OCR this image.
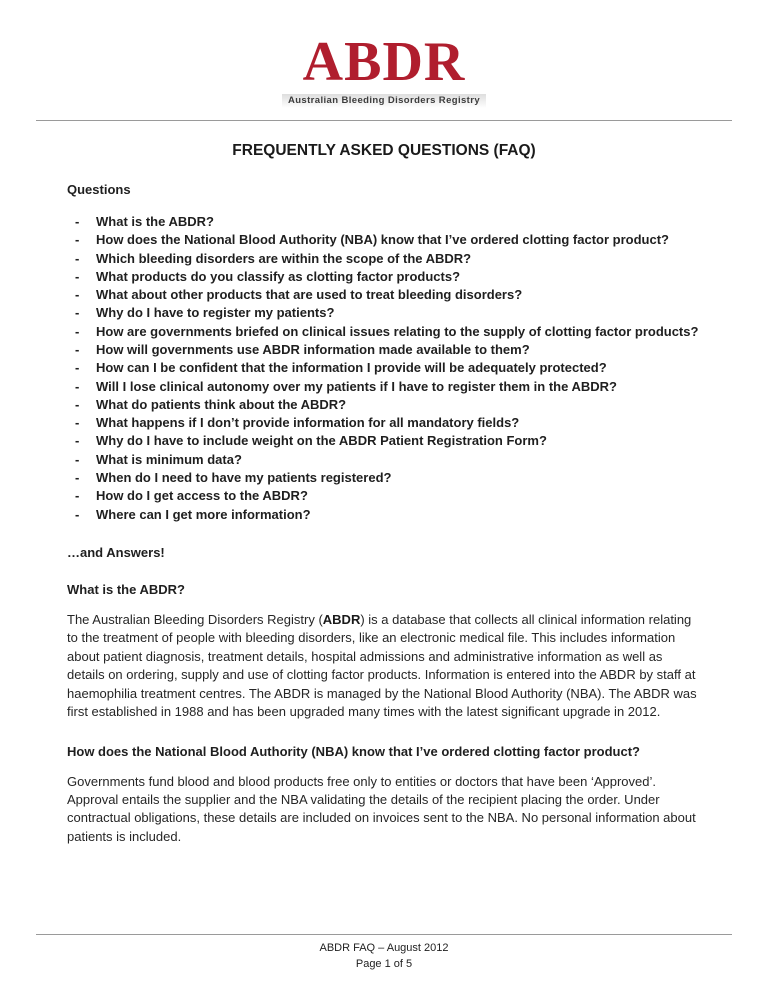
ABDR
Australian Bleeding Disorders Registry
FREQUENTLY ASKED QUESTIONS (FAQ)
Questions
- What is the ABDR?
- How does the National Blood Authority (NBA) know that I’ve ordered clotting factor product?
- Which bleeding disorders are within the scope of the ABDR?
- What products do you classify as clotting factor products?
- What about other products that are used to treat bleeding disorders?
- Why do I have to register my patients?
- How are governments briefed on clinical issues relating to the supply of clotting factor products?
- How will governments use ABDR information made available to them?
- How can I be confident that the information I provide will be adequately protected?
- Will I lose clinical autonomy over my patients if I have to register them in the ABDR?
- What do patients think about the ABDR?
- What happens if I don’t provide information for all mandatory fields?
- Why do I have to include weight on the ABDR Patient Registration Form?
- What is minimum data?
- When do I need to have my patients registered?
- How do I get access to the ABDR?
- Where can I get more information?
…and Answers!
What is the ABDR?
The Australian Bleeding Disorders Registry (ABDR) is a database that collects all clinical information relating to the treatment of people with bleeding disorders, like an electronic medical file. This includes information about patient diagnosis, treatment details, hospital admissions and administrative information as well as details on ordering, supply and use of clotting factor products. Information is entered into the ABDR by staff at haemophilia treatment centres. The ABDR is managed by the National Blood Authority (NBA). The ABDR was first established in 1988 and has been upgraded many times with the latest significant upgrade in 2012.
How does the National Blood Authority (NBA) know that I’ve ordered clotting factor product?
Governments fund blood and blood products free only to entities or doctors that have been ‘Approved’. Approval entails the supplier and the NBA validating the details of the recipient placing the order. Under contractual obligations, these details are included on invoices sent to the NBA. No personal information about patients is included.
ABDR FAQ – August 2012
Page 1 of 5
